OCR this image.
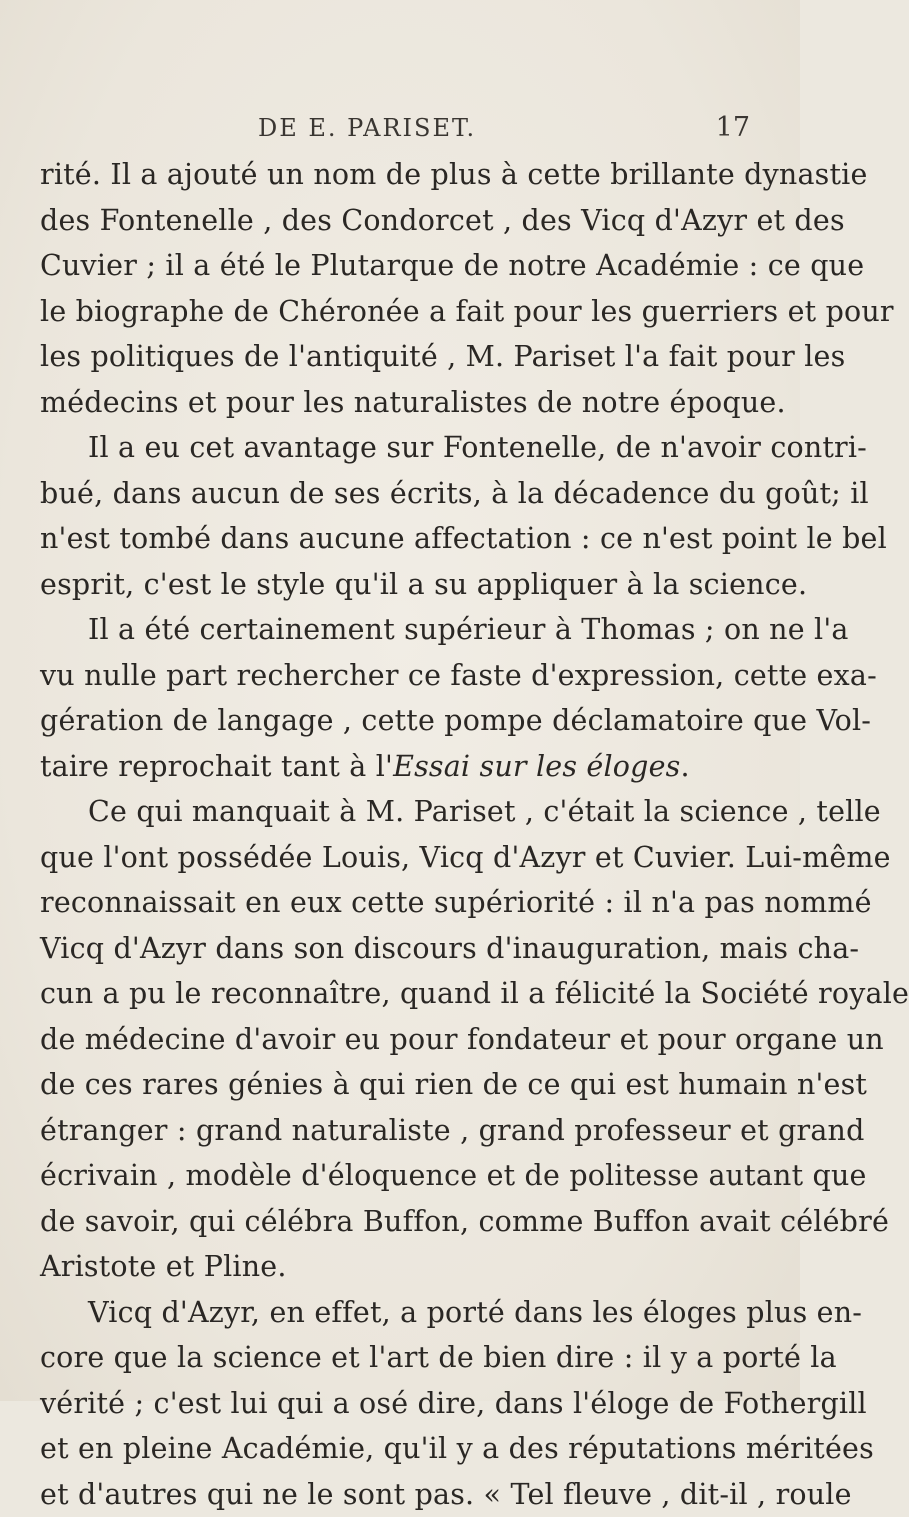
DE E. PARISET.	17
rité. Il a ajouté un nom de plus à cette brillante dynastie
des Fontenelle , des Condorcet , des Vicq d'Azyr et des
Cuvier ; il a été le Plutarque de notre Académie : ce que
le biographe de Chéronée a fait pour les guerriers et pour
les politiques de l'antiquité , M. Pariset l'a fait pour les
médecins et pour les naturalistes de notre époque.
Il a eu cet avantage sur Fontenelle, de n'avoir contri-
bué, dans aucun de ses écrits, à la décadence du goût; il
n'est tombé dans aucune affectation : ce n'est point le bel
esprit, c'est le style qu'il a su appliquer à la science.
Il a été certainement supérieur à Thomas ; on ne l'a
vu nulle part rechercher ce faste d'expression, cette exa-
gération de langage , cette pompe déclamatoire que Vol-
taire reprochait tant à l'Essai sur les éloges.
Ce qui manquait à M. Pariset , c'était la science , telle
que l'ont possédée Louis, Vicq d'Azyr et Cuvier. Lui-même
reconnaissait en eux cette supériorité : il n'a pas nommé
Vicq d'Azyr dans son discours d'inauguration, mais cha-
cun a pu le reconnaître, quand il a félicité la Société royale
de médecine d'avoir eu pour fondateur et pour organe un
de ces rares génies à qui rien de ce qui est humain n'est
étranger : grand naturaliste , grand professeur et grand
écrivain , modèle d'éloquence et de politesse autant que
de savoir, qui célébra Buffon, comme Buffon avait célébré
Aristote et Pline.
Vicq d'Azyr, en effet, a porté dans les éloges plus en-
core que la science et l'art de bien dire : il y a porté la
vérité ; c'est lui qui a osé dire, dans l'éloge de Fothergill
et en pleine Académie, qu'il y a des réputations méritées
et d'autres qui ne le sont pas. « Tel fleuve , dit-il , roule
